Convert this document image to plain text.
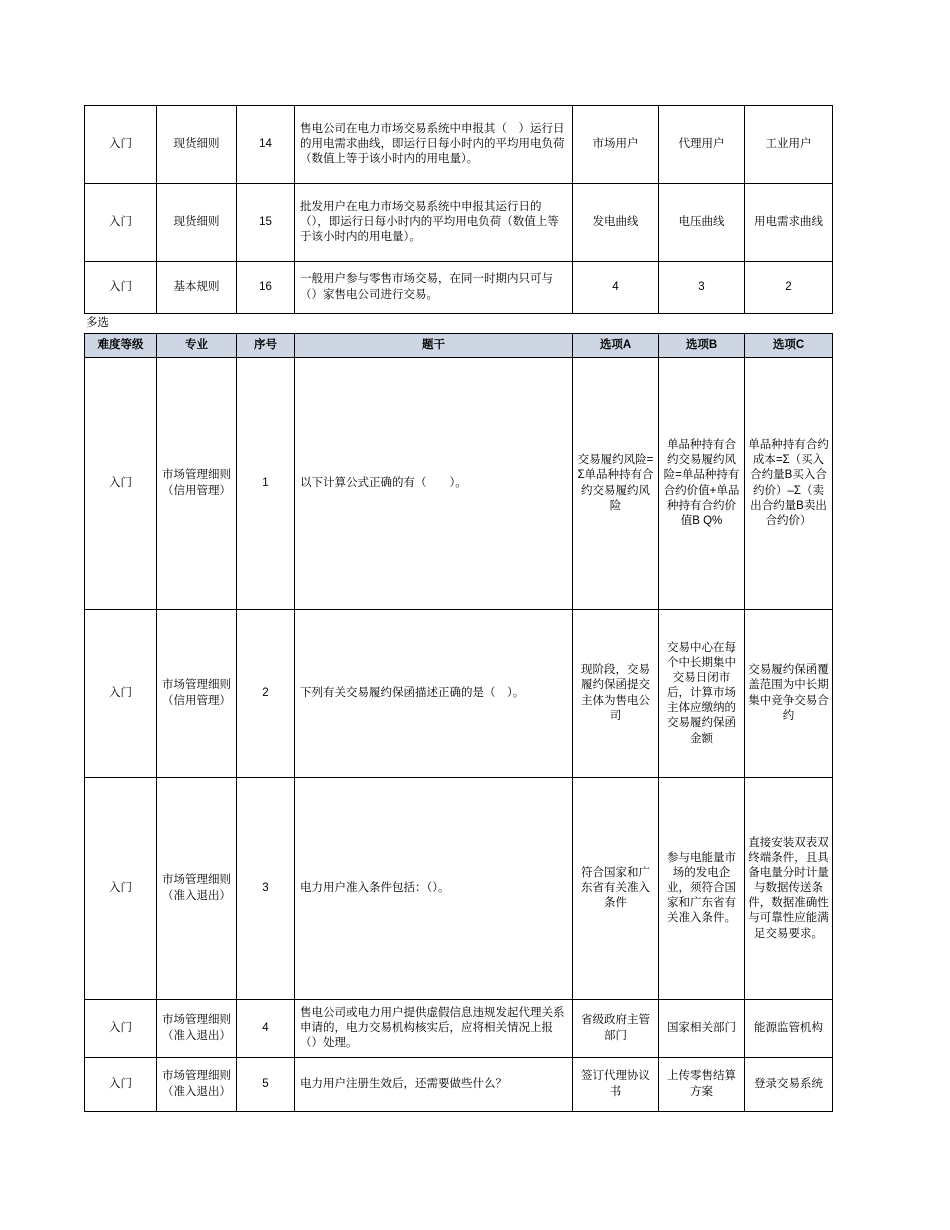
入门	现货细则	14	售电公司在电力市场交易系统中申报其（　）运行日的用电需求曲线，即运行日每小时内的平均用电负荷（数值上等于该小时内的用电量）。	市场用户	代理用户	工业用户
入门	现货细则	15	批发用户在电力市场交易系统中申报其运行日的（），即运行日每小时内的平均用电负荷（数值上等于该小时内的用电量）。	发电曲线	电压曲线	用电需求曲线
入门	基本规则	16	一般用户参与零售市场交易，在同一时期内只可与（）家售电公司进行交易。	4	3	2
多选
难度等级	专业	序号	题干	选项A	选项B	选项C
入门	市场管理细则（信用管理）	1	以下计算公式正确的有（　　）。	交易履约风险=Σ单品种持有合约交易履约风险	单品种持有合约交易履约风险=单品种持有合约价值+单品种持有合约价值B Q%	单品种持有合约成本=Σ（买入合约量B买入合约价）–Σ（卖出合约量B卖出合约价）
入门	市场管理细则（信用管理）	2	下列有关交易履约保函描述正确的是（　）。	现阶段，交易履约保函提交主体为售电公司	交易中心在每个中长期集中交易日闭市后，计算市场主体应缴纳的交易履约保函金额	交易履约保函覆盖范围为中长期集中竞争交易合约
入门	市场管理细则（准入退出）	3	电力用户准入条件包括：（）。	符合国家和广东省有关准入条件	参与电能量市场的发电企业，须符合国家和广东省有关准入条件。	直接安装双表双终端条件，且具备电量分时计量与数据传送条件，数据准确性与可靠性应能满足交易要求。
入门	市场管理细则（准入退出）	4	售电公司或电力用户提供虚假信息违规发起代理关系申请的，电力交易机构核实后，应将相关情况上报（）处理。	省级政府主管部门	国家相关部门	能源监管机构
入门	市场管理细则（准入退出）	5	电力用户注册生效后，还需要做些什么？	签订代理协议书	上传零售结算方案	登录交易系统
